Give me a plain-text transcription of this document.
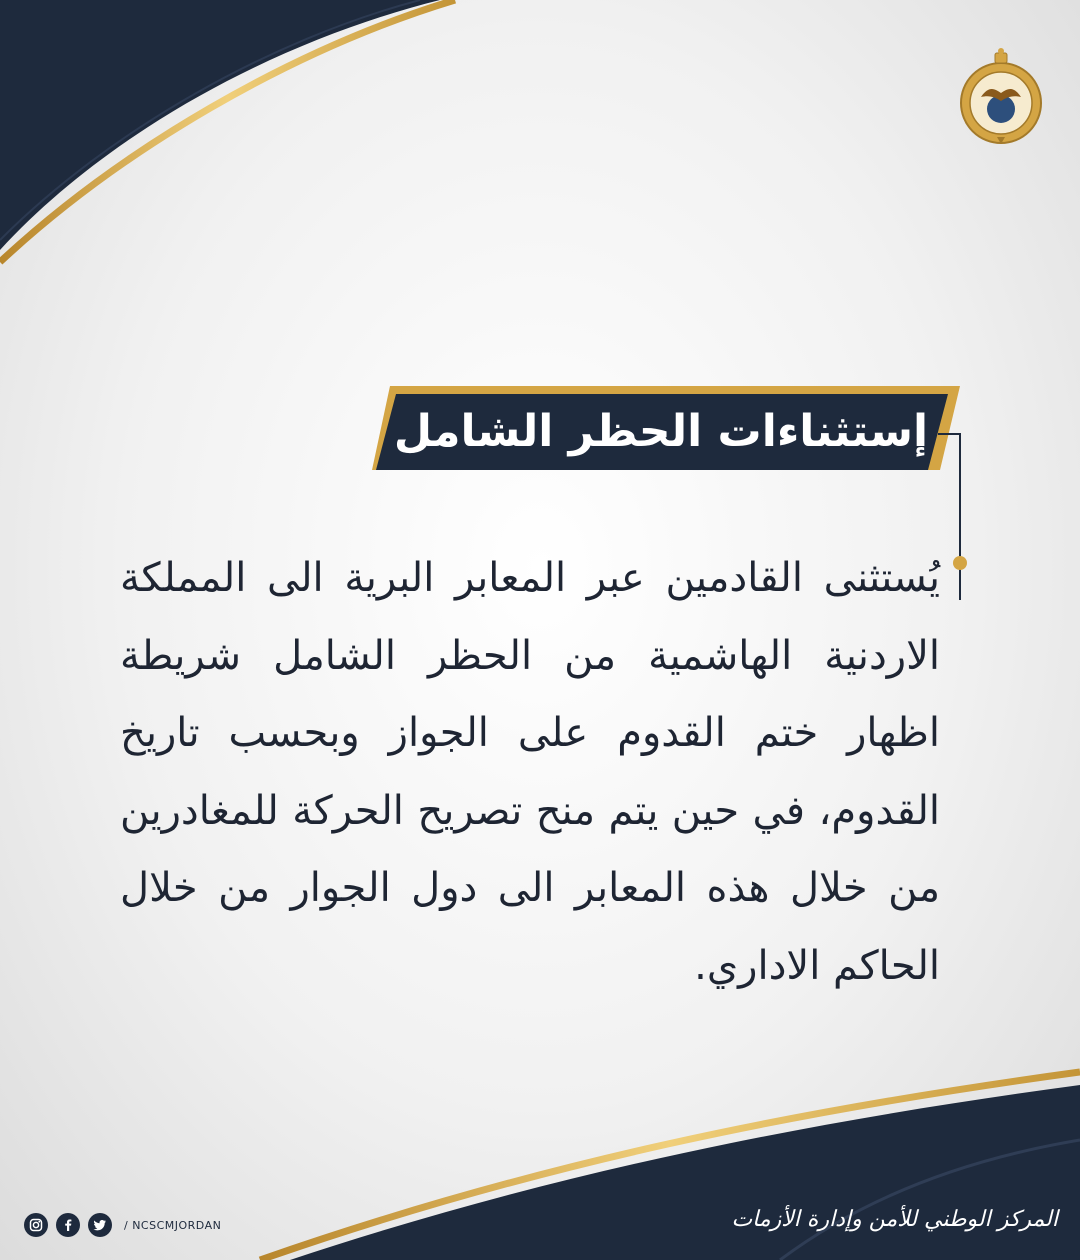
إستثناءات الحظر الشامل

يُستثنى القادمين عبر المعابر البرية الى المملكة الاردنية الهاشمية من الحظر الشامل شريطة اظهار ختم القدوم على الجواز وبحسب تاريخ القدوم، في حين يتم منح تصريح الحركة للمغادرين من خلال هذه المعابر الى دول الجوار من خلال الحاكم الاداري.

/ NCSCMJORDAN	المركز الوطني للأمن وإدارة الأزمات
